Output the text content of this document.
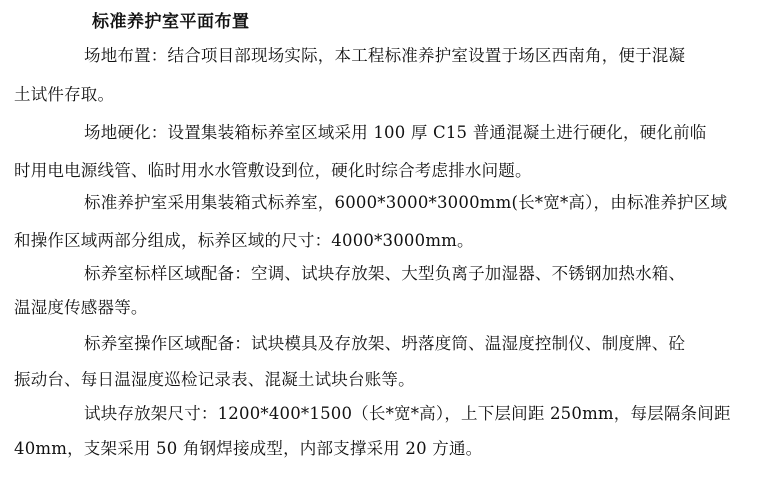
标准养护室平面布置
场地布置：结合项目部现场实际，本工程标准养护室设置于场区西南角，便于混凝
土试件存取。
场地硬化：设置集装箱标养室区域采用 100 厚 C15 普通混凝土进行硬化，硬化前临
时用电电源线管、临时用水水管敷设到位，硬化时综合考虑排水问题。
标准养护室采用集装箱式标养室，6000*3000*3000mm(长*宽*高），由标准养护区域
和操作区域两部分组成，标养区域的尺寸：4000*3000mm。
标养室标样区域配备：空调、试块存放架、大型负离子加湿器、不锈钢加热水箱、
温湿度传感器等。
标养室操作区域配备：试块模具及存放架、坍落度筒、温湿度控制仪、制度牌、砼
振动台、每日温湿度巡检记录表、混凝土试块台账等。
试块存放架尺寸：1200*400*1500（长*宽*高），上下层间距 250mm，每层隔条间距
40mm，支架采用 50 角钢焊接成型，内部支撑采用 20 方通。
